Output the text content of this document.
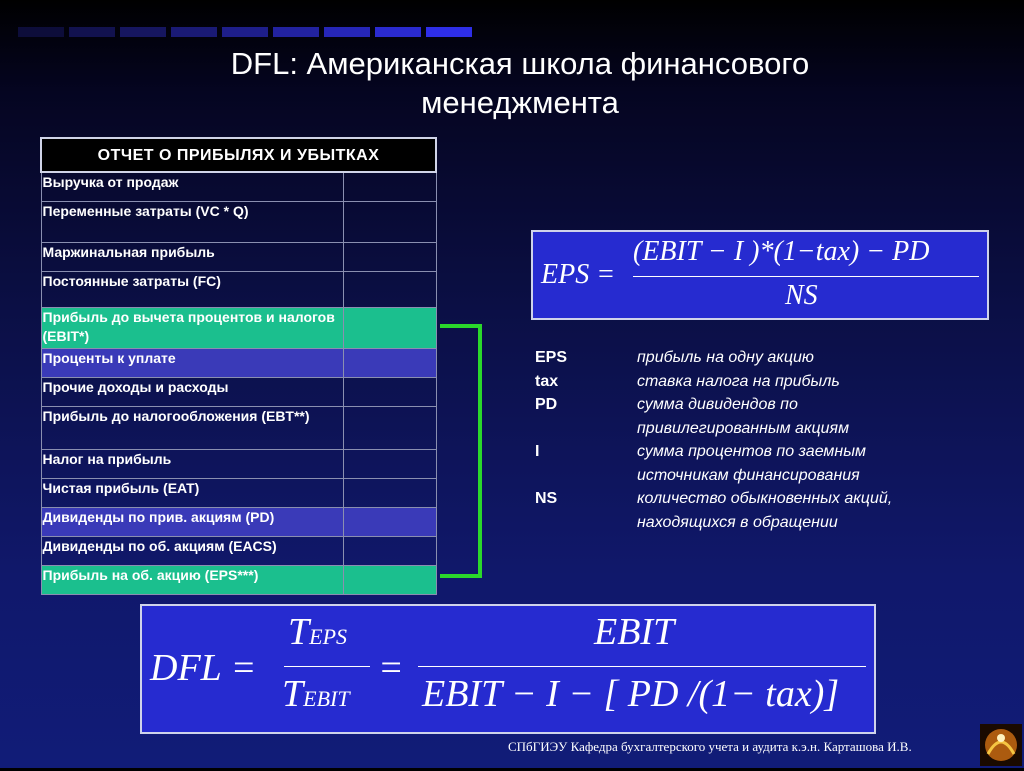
DFL: Американская школа финансового менеджмента
ОТЧЕТ О ПРИБЫЛЯХ И УБЫТКАХ	
Выручка от продаж	
Переменные затраты (VC * Q)	
Маржинальная прибыль	
Постоянные затраты (FC)	
Прибыль до вычета процентов и налогов (EBIT*)	
Проценты к уплате	
Прочие доходы и расходы	
Прибыль до налогообложения (EBT**)	
Налог на прибыль	
Чистая прибыль (EAT)	
Дивиденды по прив. акциям (PD)	
Дивиденды по об. акциям (EACS)	
Прибыль на об. акцию (EPS***)	
EPS =
(EBIT − I )*(1−tax) − PD
NS
EPS	прибыль на одну акцию
tax	ставка налога на прибыль
PD	сумма дивидендов по
привилегированным акциям
I	сумма процентов по заемным
источникам финансирования
NS	количество обыкновенных акций,
находящихся в обращении
DFL =
TEPS
TEBIT
=
EBIT
EBIT − I − [ PD /(1− tax)]
СПбГИЭУ Кафедра бухгалтерского учета и аудита к.э.н. Карташова И.В.
